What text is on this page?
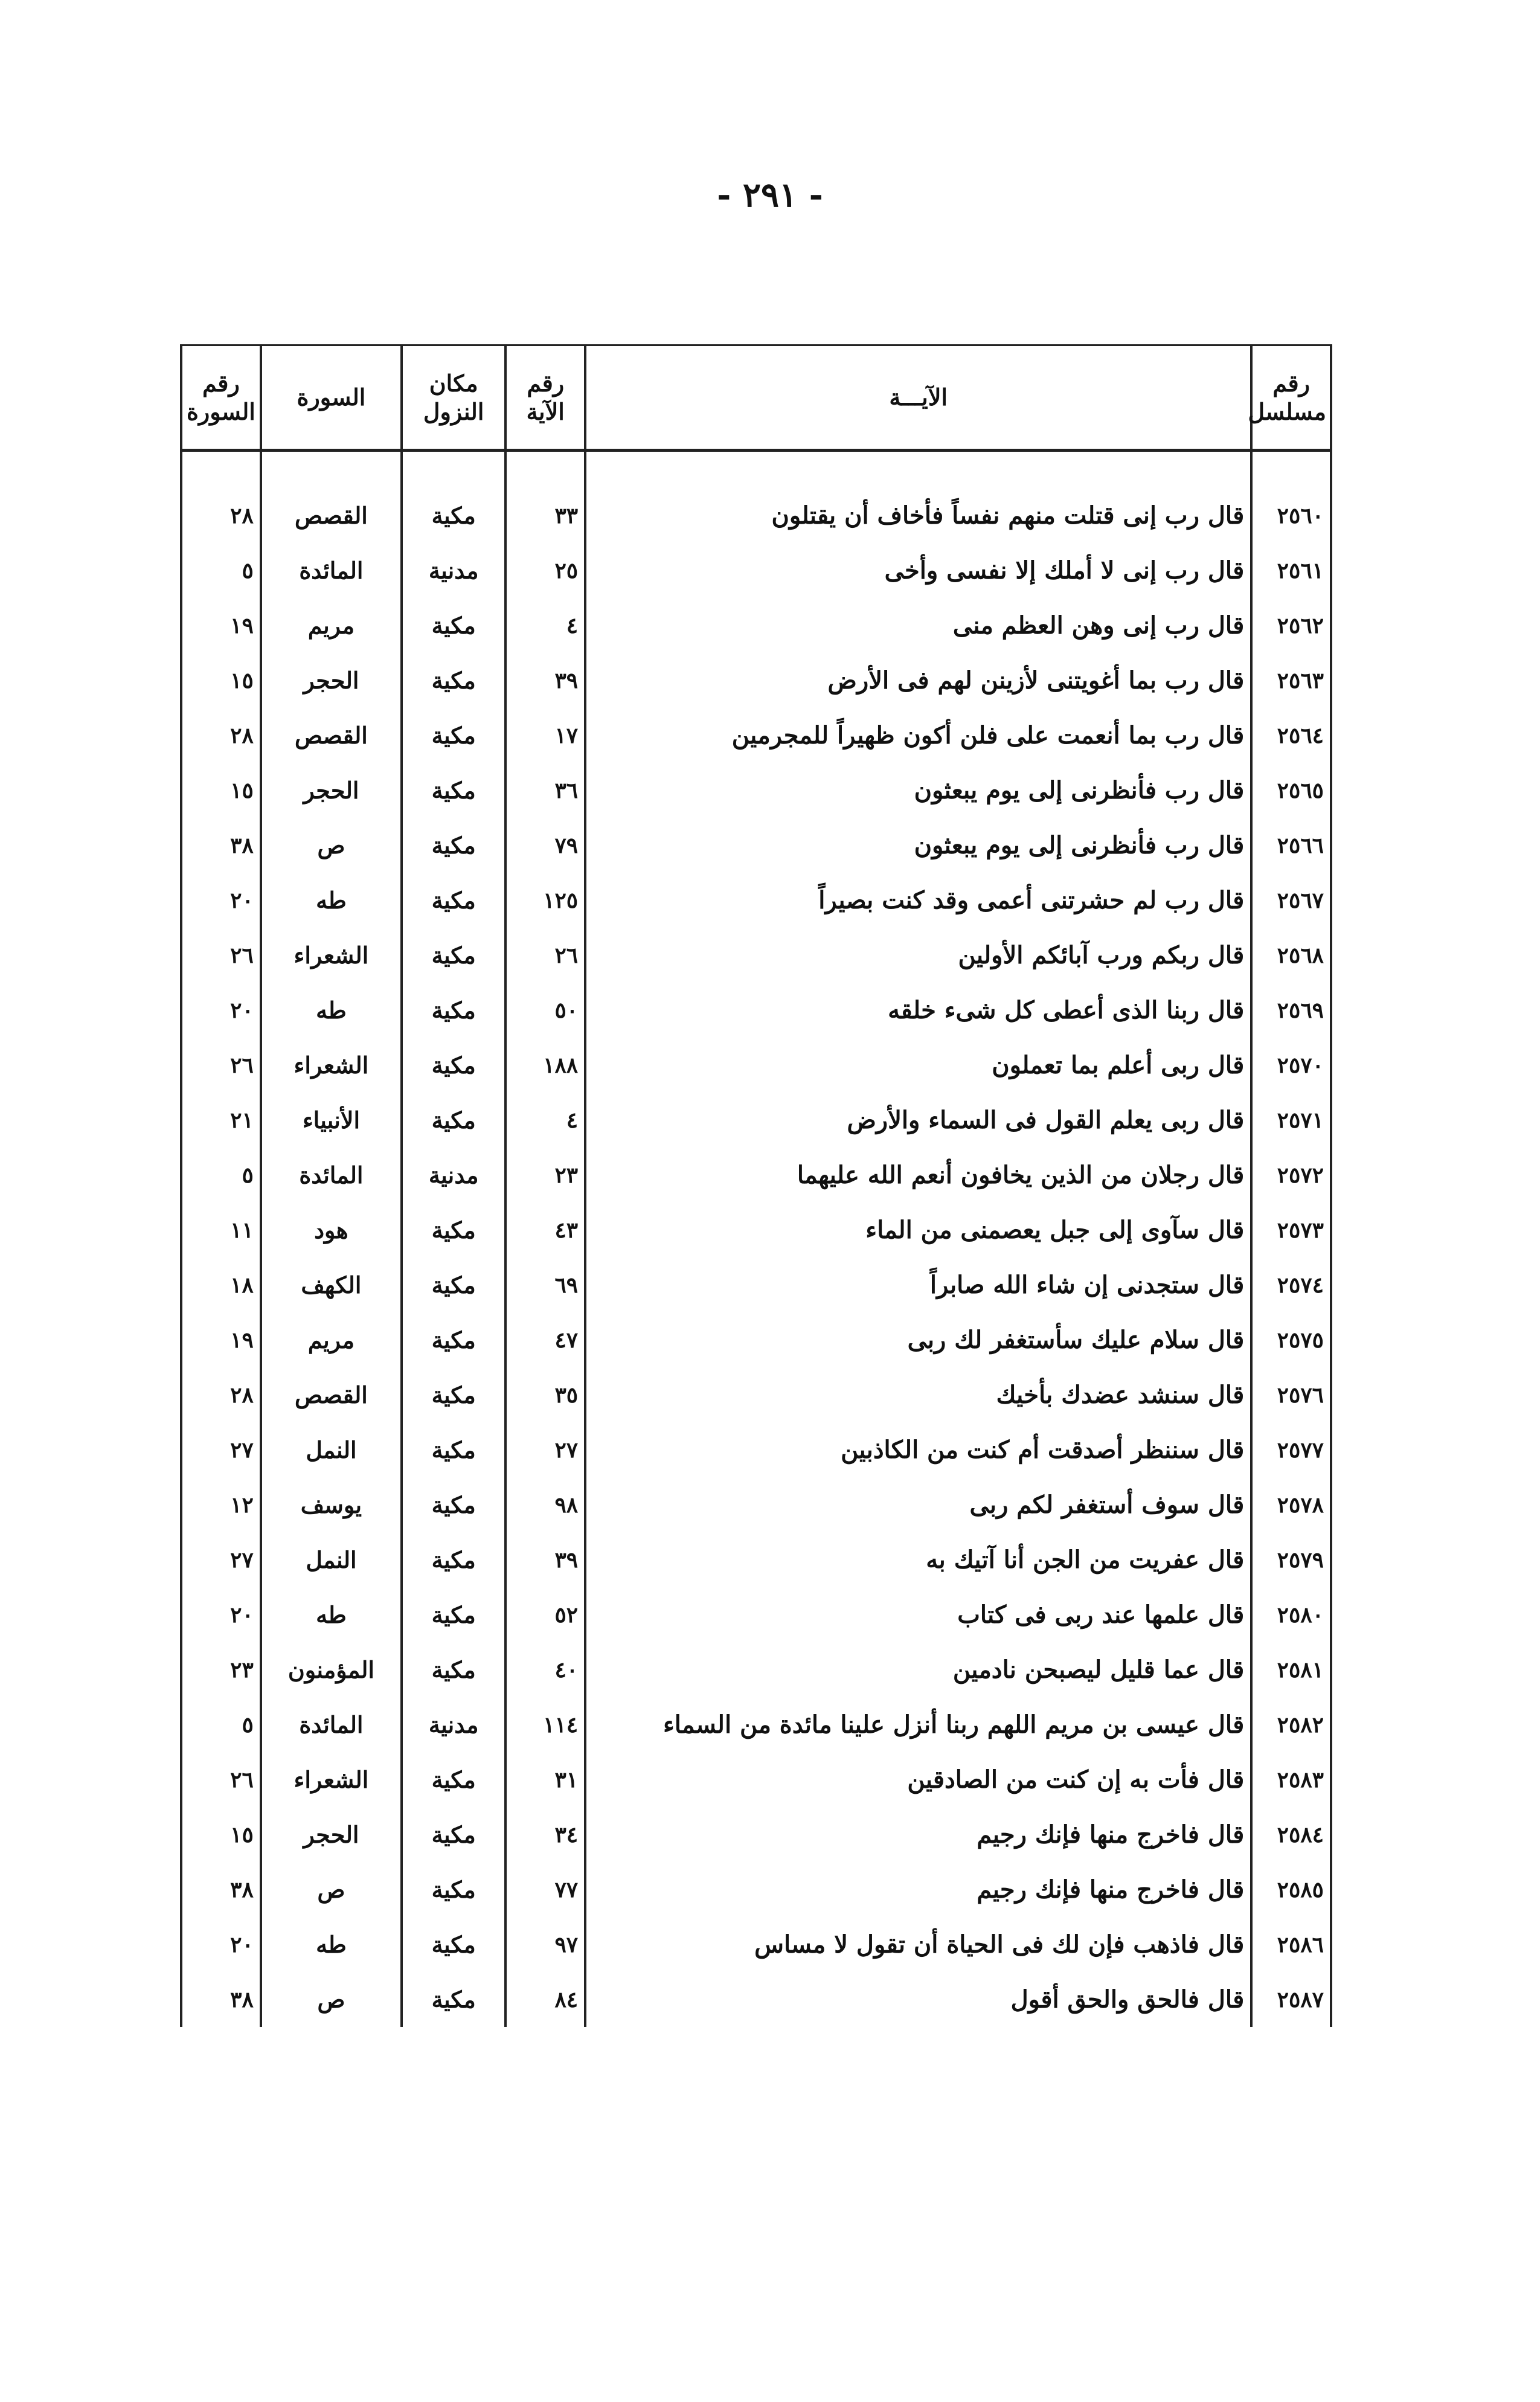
- ٢٩١ -
رقم مسلسل	الآيـــة	رقم الآية	مكان النزول	السورة	رقم السورة

٢٥٦٠	قال رب إنى قتلت منهم نفساً فأخاف أن يقتلون	٣٣	مكية	القصص	٢٨
٢٥٦١	قال رب إنى لا أملك إلا نفسى وأخى	٢٥	مدنية	المائدة	٥
٢٥٦٢	قال رب إنى وهن العظم منى	٤	مكية	مريم	١٩
٢٥٦٣	قال رب بما أغويتنى لأزينن لهم فى الأرض	٣٩	مكية	الحجر	١٥
٢٥٦٤	قال رب بما أنعمت على فلن أكون ظهيراً للمجرمين	١٧	مكية	القصص	٢٨
٢٥٦٥	قال رب فأنظرنى إلى يوم يبعثون	٣٦	مكية	الحجر	١٥
٢٥٦٦	قال رب فأنظرنى إلى يوم يبعثون	٧٩	مكية	ص	٣٨
٢٥٦٧	قال رب لم حشرتنى أعمى وقد كنت بصيراً	١٢٥	مكية	طه	٢٠
٢٥٦٨	قال ربكم ورب آبائكم الأولين	٢٦	مكية	الشعراء	٢٦
٢٥٦٩	قال ربنا الذى أعطى كل شىء خلقه	٥٠	مكية	طه	٢٠
٢٥٧٠	قال ربى أعلم بما تعملون	١٨٨	مكية	الشعراء	٢٦
٢٥٧١	قال ربى يعلم القول فى السماء والأرض	٤	مكية	الأنبياء	٢١
٢٥٧٢	قال رجلان من الذين يخافون أنعم الله عليهما	٢٣	مدنية	المائدة	٥
٢٥٧٣	قال سآوى إلى جبل يعصمنى من الماء	٤٣	مكية	هود	١١
٢٥٧٤	قال ستجدنى إن شاء الله صابراً	٦٩	مكية	الكهف	١٨
٢٥٧٥	قال سلام عليك سأستغفر لك ربى	٤٧	مكية	مريم	١٩
٢٥٧٦	قال سنشد عضدك بأخيك	٣٥	مكية	القصص	٢٨
٢٥٧٧	قال سننظر أصدقت أم كنت من الكاذبين	٢٧	مكية	النمل	٢٧
٢٥٧٨	قال سوف أستغفر لكم ربى	٩٨	مكية	يوسف	١٢
٢٥٧٩	قال عفريت من الجن أنا آتيك به	٣٩	مكية	النمل	٢٧
٢٥٨٠	قال علمها عند ربى فى كتاب	٥٢	مكية	طه	٢٠
٢٥٨١	قال عما قليل ليصبحن نادمين	٤٠	مكية	المؤمنون	٢٣
٢٥٨٢	قال عيسى بن مريم اللهم ربنا أنزل علينا مائدة من السماء	١١٤	مدنية	المائدة	٥
٢٥٨٣	قال فأت به إن كنت من الصادقين	٣١	مكية	الشعراء	٢٦
٢٥٨٤	قال فاخرج منها فإنك رجيم	٣٤	مكية	الحجر	١٥
٢٥٨٥	قال فاخرج منها فإنك رجيم	٧٧	مكية	ص	٣٨
٢٥٨٦	قال فاذهب فإن لك فى الحياة أن تقول لا مساس	٩٧	مكية	طه	٢٠
٢٥٨٧	قال فالحق والحق أقول	٨٤	مكية	ص	٣٨
